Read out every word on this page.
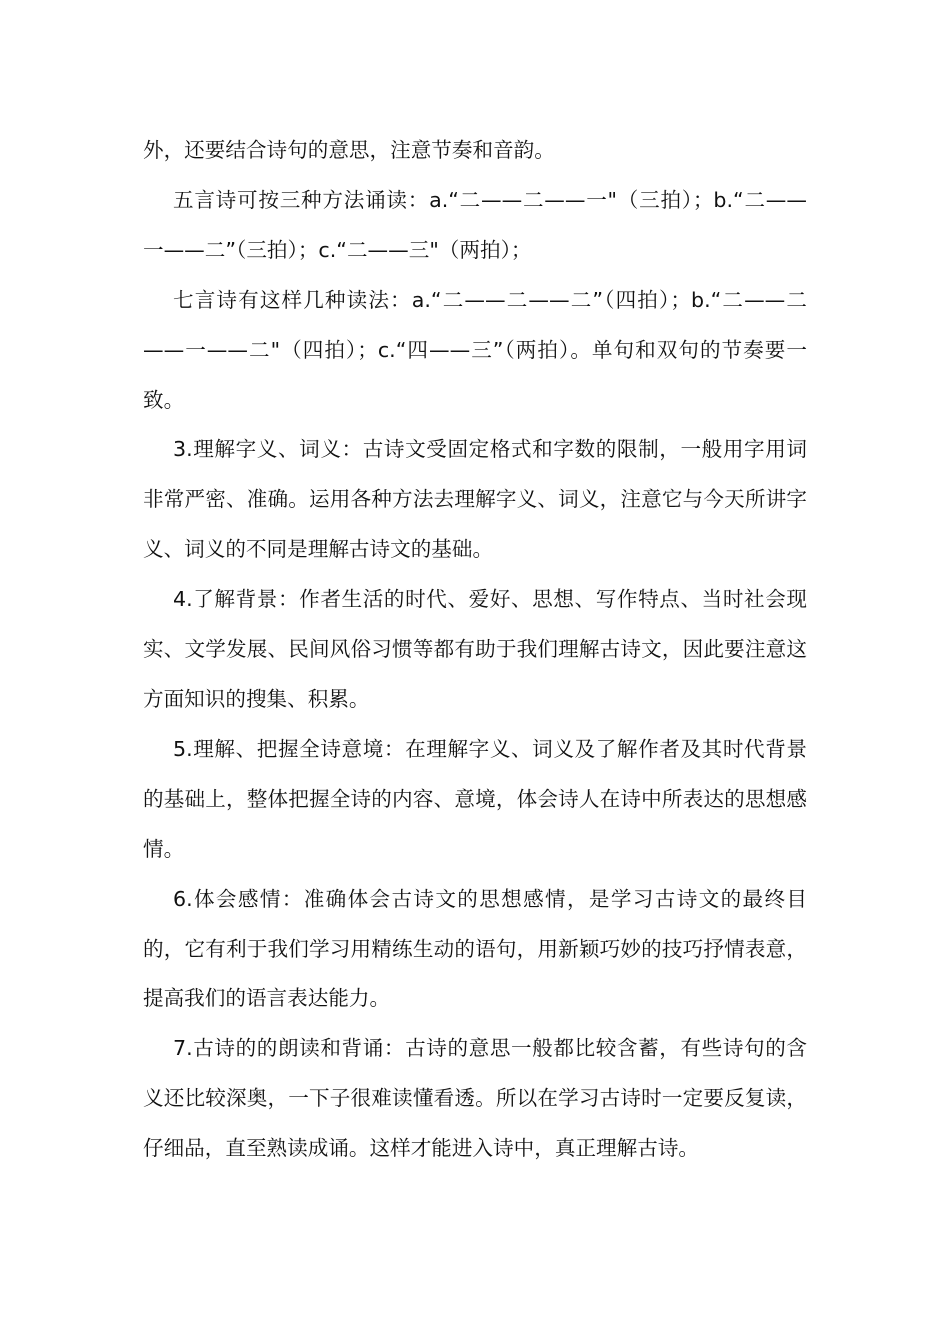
外，还要结合诗句的意思，注意节奏和音韵。

五言诗可按三种方法诵读：a.“二——二——一"（三拍）；b.“二——一——二”（三拍）；c.“二——三"（两拍）；

七言诗有这样几种读法：a.“二——二——二”（四拍）；b.“二——二——一——二"（四拍）；c.“四——三”（两拍）。单句和双句的节奏要一致。

3.理解字义、词义：古诗文受固定格式和字数的限制，一般用字用词非常严密、准确。运用各种方法去理解字义、词义，注意它与今天所讲字义、词义的不同是理解古诗文的基础。

4.了解背景：作者生活的时代、爱好、思想、写作特点、当时社会现实、文学发展、民间风俗习惯等都有助于我们理解古诗文，因此要注意这方面知识的搜集、积累。

5.理解、把握全诗意境：在理解字义、词义及了解作者及其时代背景的基础上，整体把握全诗的内容、意境，体会诗人在诗中所表达的思想感情。

6.体会感情：准确体会古诗文的思想感情，是学习古诗文的最终目的，它有利于我们学习用精练生动的语句，用新颖巧妙的技巧抒情表意，提高我们的语言表达能力。

7.古诗的的朗读和背诵：古诗的意思一般都比较含蓄，有些诗句的含义还比较深奥，一下子很难读懂看透。所以在学习古诗时一定要反复读，仔细品，直至熟读成诵。这样才能进入诗中，真正理解古诗。
